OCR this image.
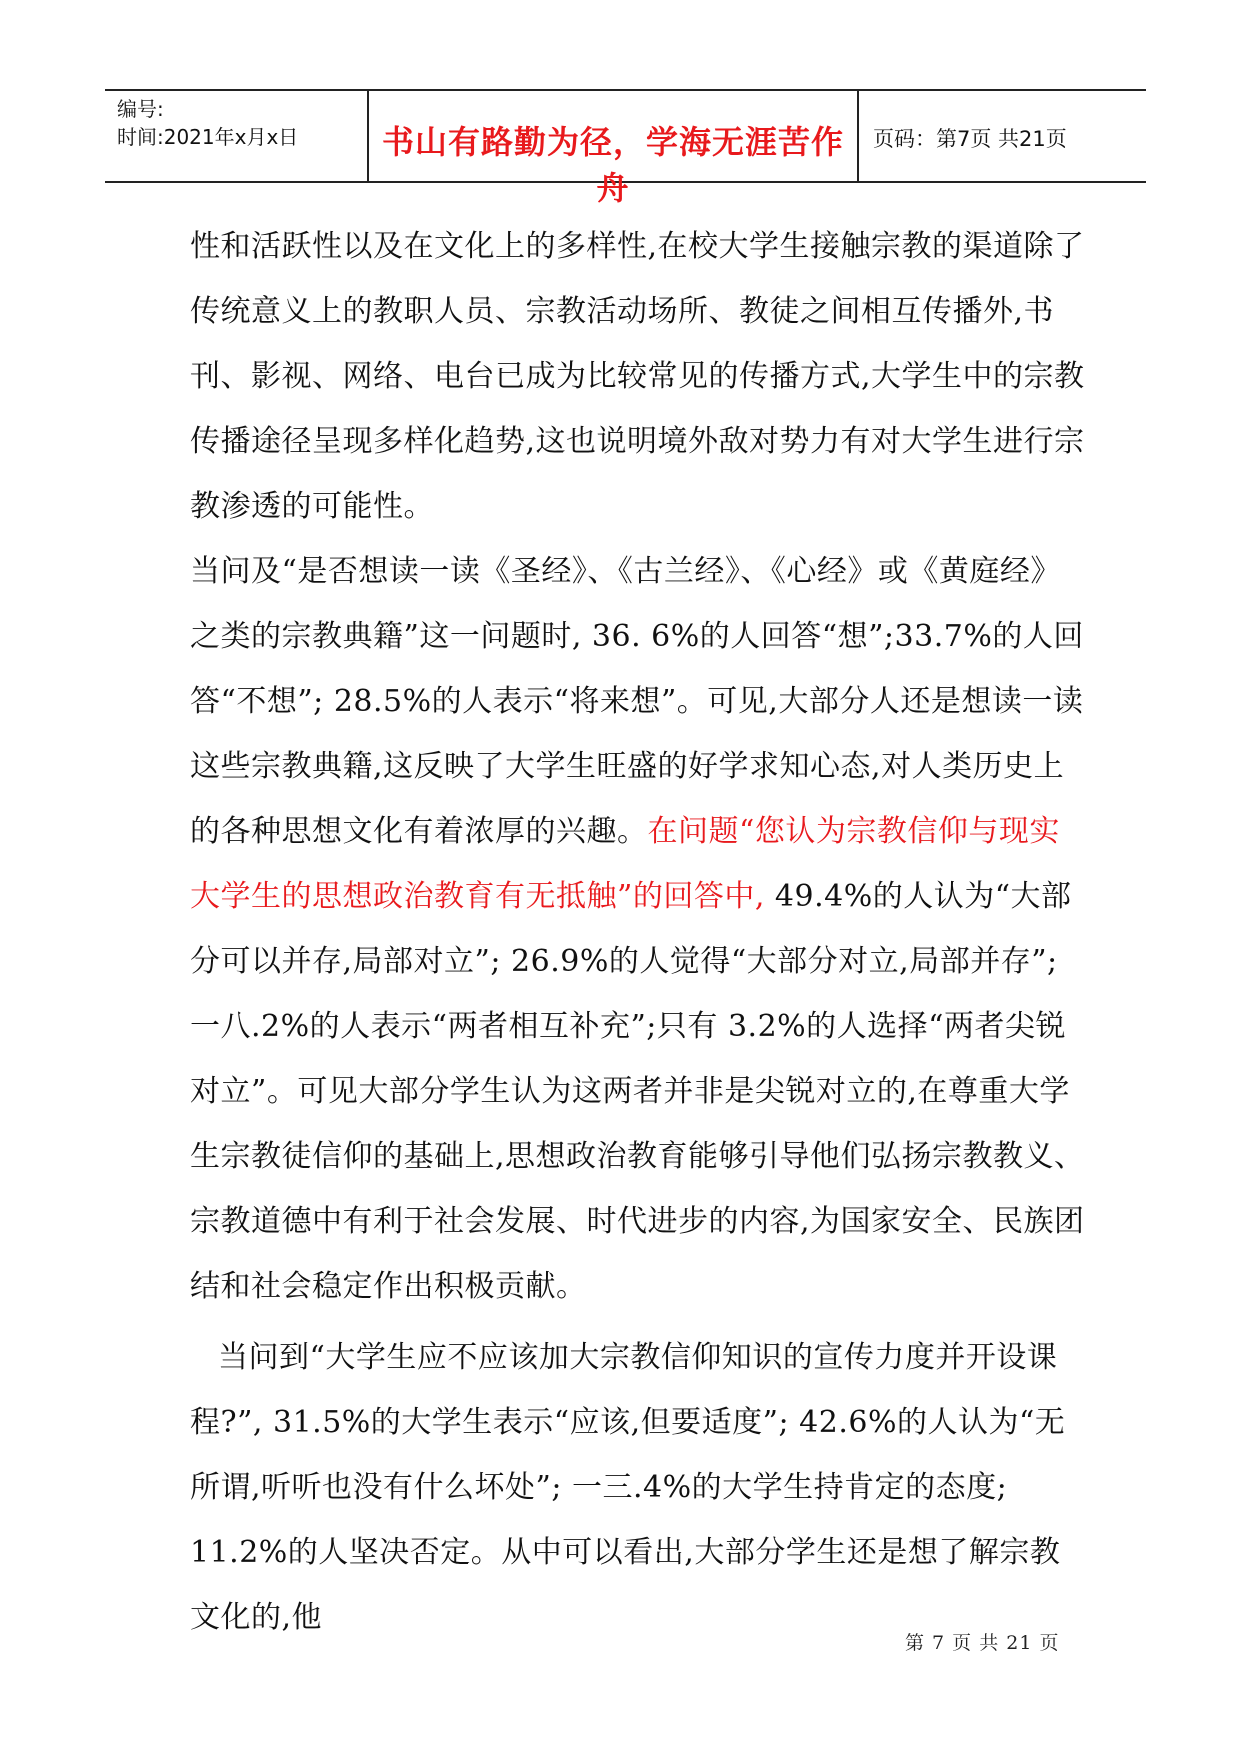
编号:
时间:2021年x月x日	书山有路勤为径，学海无涯苦作舟
页码：第7页 共21页

性和活跃性以及在文化上的多样性,在校大学生接触宗教的渠道除了传统意义上的教职人员、宗教活动场所、教徒之间相互传播外,书刊、影视、网络、电台已成为比较常见的传播方式,大学生中的宗教传播途径呈现多样化趋势,这也说明境外敌对势力有对大学生进行宗教渗透的可能性。

当问及“是否想读一读《圣经》、《古兰经》、《心经》或《黄庭经》之类的宗教典籍”这一问题时, 36. 6%的人回答“想”;33.7%的人回答“不想”; 28.5%的人表示“将来想”。可见,大部分人还是想读一读这些宗教典籍,这反映了大学生旺盛的好学求知心态,对人类历史上的各种思想文化有着浓厚的兴趣。在问题“您认为宗教信仰与现实大学生的思想政治教育有无抵触”的回答中, 49.4%的人认为“大部分可以并存,局部对立”; 26.9%的人觉得“大部分对立,局部并存”; 一八.2%的人表示“两者相互补充”;只有 3.2%的人选择“两者尖锐对立”。可见大部分学生认为这两者并非是尖锐对立的,在尊重大学生宗教徒信仰的基础上,思想政治教育能够引导他们弘扬宗教教义、宗教道德中有利于社会发展、时代进步的内容,为国家安全、民族团结和社会稳定作出积极贡献。

当问到“大学生应不应该加大宗教信仰知识的宣传力度并开设课程?”, 31.5%的大学生表示“应该,但要适度”; 42.6%的人认为“无所谓,听听也没有什么坏处”; 一三.4%的大学生持肯定的态度; 11.2%的人坚决否定。从中可以看出,大部分学生还是想了解宗教文化的,他

第 7 页 共 21 页
